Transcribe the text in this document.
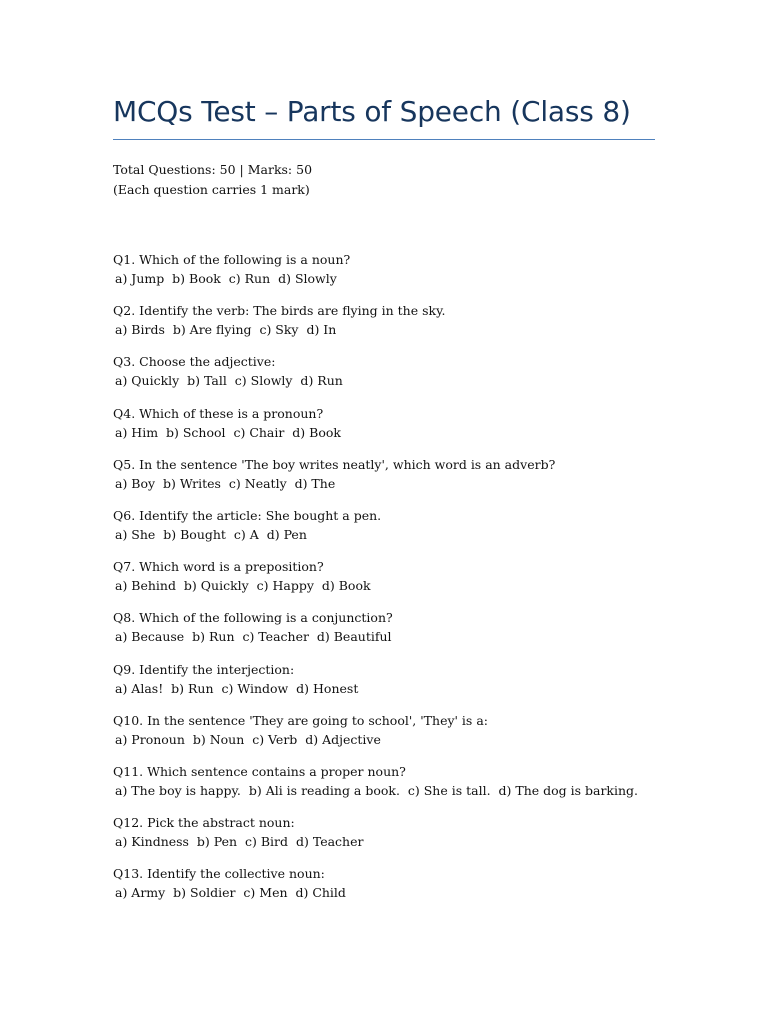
MCQs Test – Parts of Speech (Class 8)
Total Questions: 50 | Marks: 50
(Each question carries 1 mark)
Q1. Which of the following is a noun?
a) Jump  b) Book  c) Run  d) Slowly
Q2. Identify the verb: The birds are flying in the sky.
a) Birds  b) Are flying  c) Sky  d) In
Q3. Choose the adjective:
a) Quickly  b) Tall  c) Slowly  d) Run
Q4. Which of these is a pronoun?
a) Him  b) School  c) Chair  d) Book
Q5. In the sentence 'The boy writes neatly', which word is an adverb?
a) Boy  b) Writes  c) Neatly  d) The
Q6. Identify the article: She bought a pen.
a) She  b) Bought  c) A  d) Pen
Q7. Which word is a preposition?
a) Behind  b) Quickly  c) Happy  d) Book
Q8. Which of the following is a conjunction?
a) Because  b) Run  c) Teacher  d) Beautiful
Q9. Identify the interjection:
a) Alas!  b) Run  c) Window  d) Honest
Q10. In the sentence 'They are going to school', 'They' is a:
a) Pronoun  b) Noun  c) Verb  d) Adjective
Q11. Which sentence contains a proper noun?
a) The boy is happy.  b) Ali is reading a book.  c) She is tall.  d) The dog is barking.
Q12. Pick the abstract noun:
a) Kindness  b) Pen  c) Bird  d) Teacher
Q13. Identify the collective noun:
a) Army  b) Soldier  c) Men  d) Child
